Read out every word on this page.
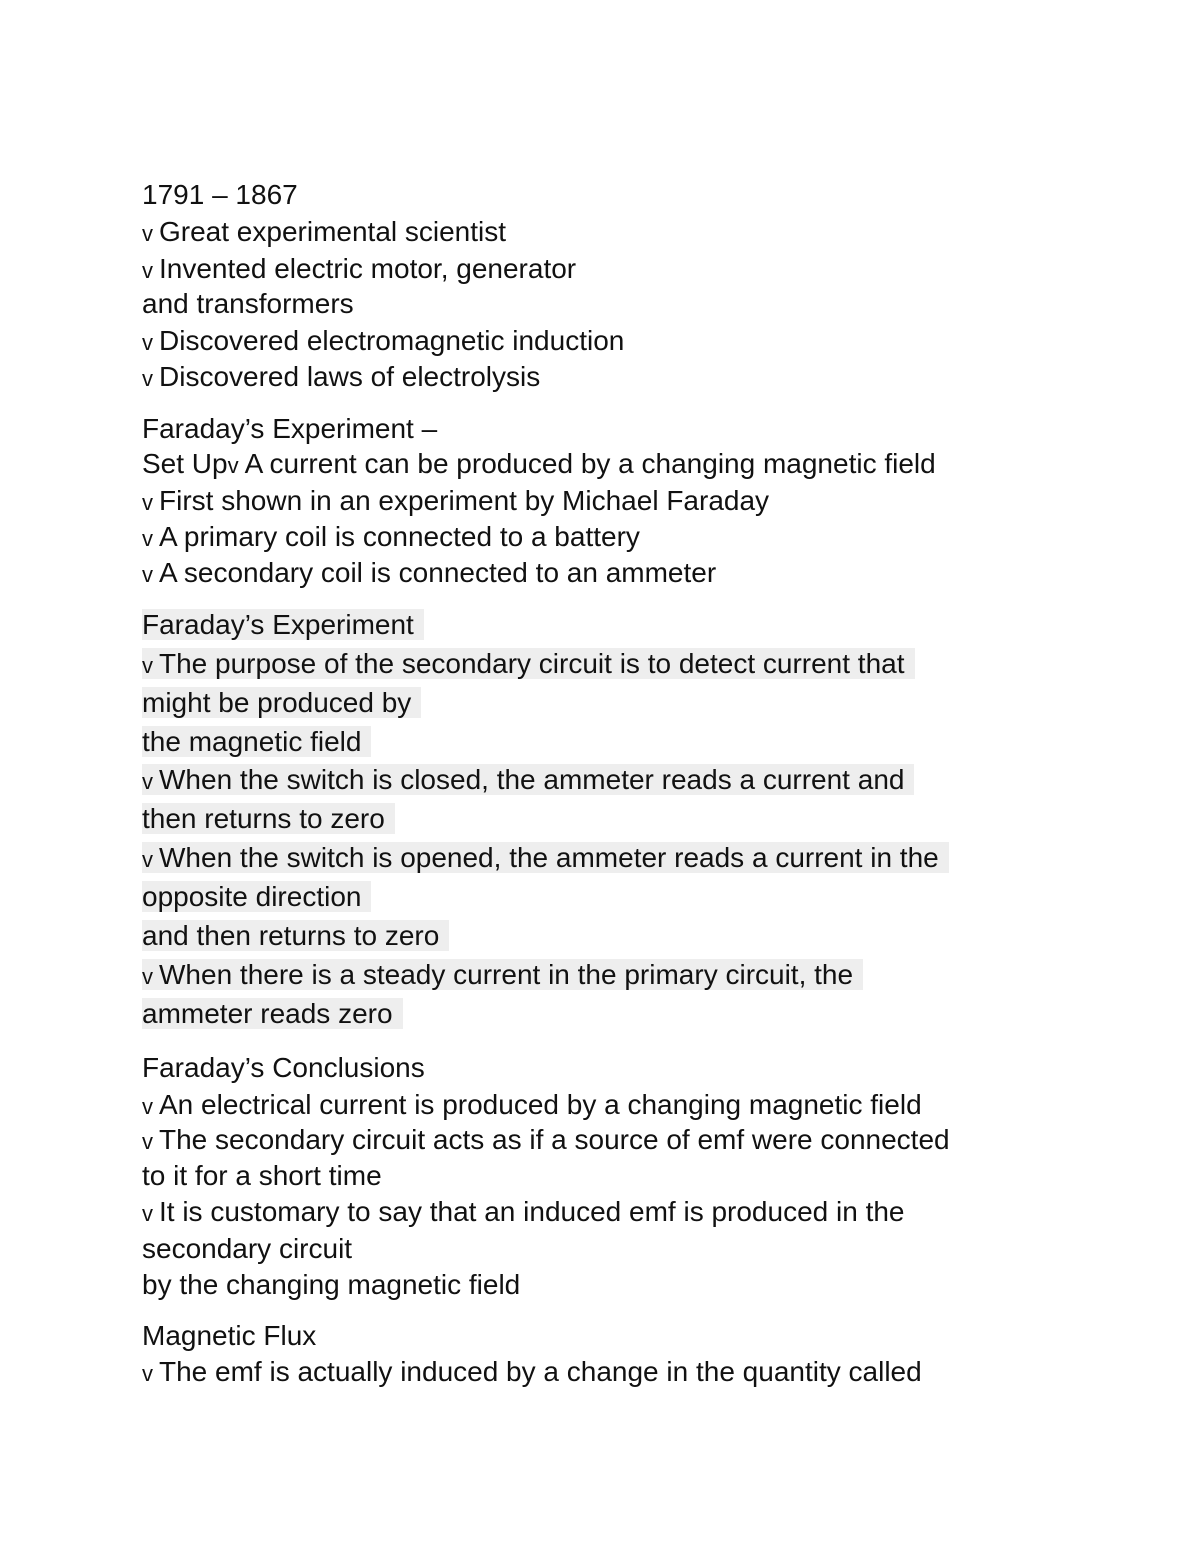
1791 – 1867

v Great experimental scientist

v Invented electric motor, generator

and transformers

v Discovered electromagnetic induction

v Discovered laws of electrolysis

Faraday’s Experiment –

Set Upv A current can be produced by a changing magnetic field

v First shown in an experiment by Michael Faraday

v A primary coil is connected to a battery

v A secondary coil is connected to an ammeter

Faraday’s Experiment

v The purpose of the secondary circuit is to detect current that

might be produced by

the magnetic field

v When the switch is closed, the ammeter reads a current and

then returns to zero

v When the switch is opened, the ammeter reads a current in the

opposite direction

and then returns to zero

v When there is a steady current in the primary circuit, the

ammeter reads zero

Faraday’s Conclusions

v An electrical current is produced by a changing magnetic field

v The secondary circuit acts as if a source of emf were connected

to it for a short time

v It is customary to say that an induced emf is produced in the

secondary circuit

by the changing magnetic field

Magnetic Flux

v The emf is actually induced by a change in the quantity called
